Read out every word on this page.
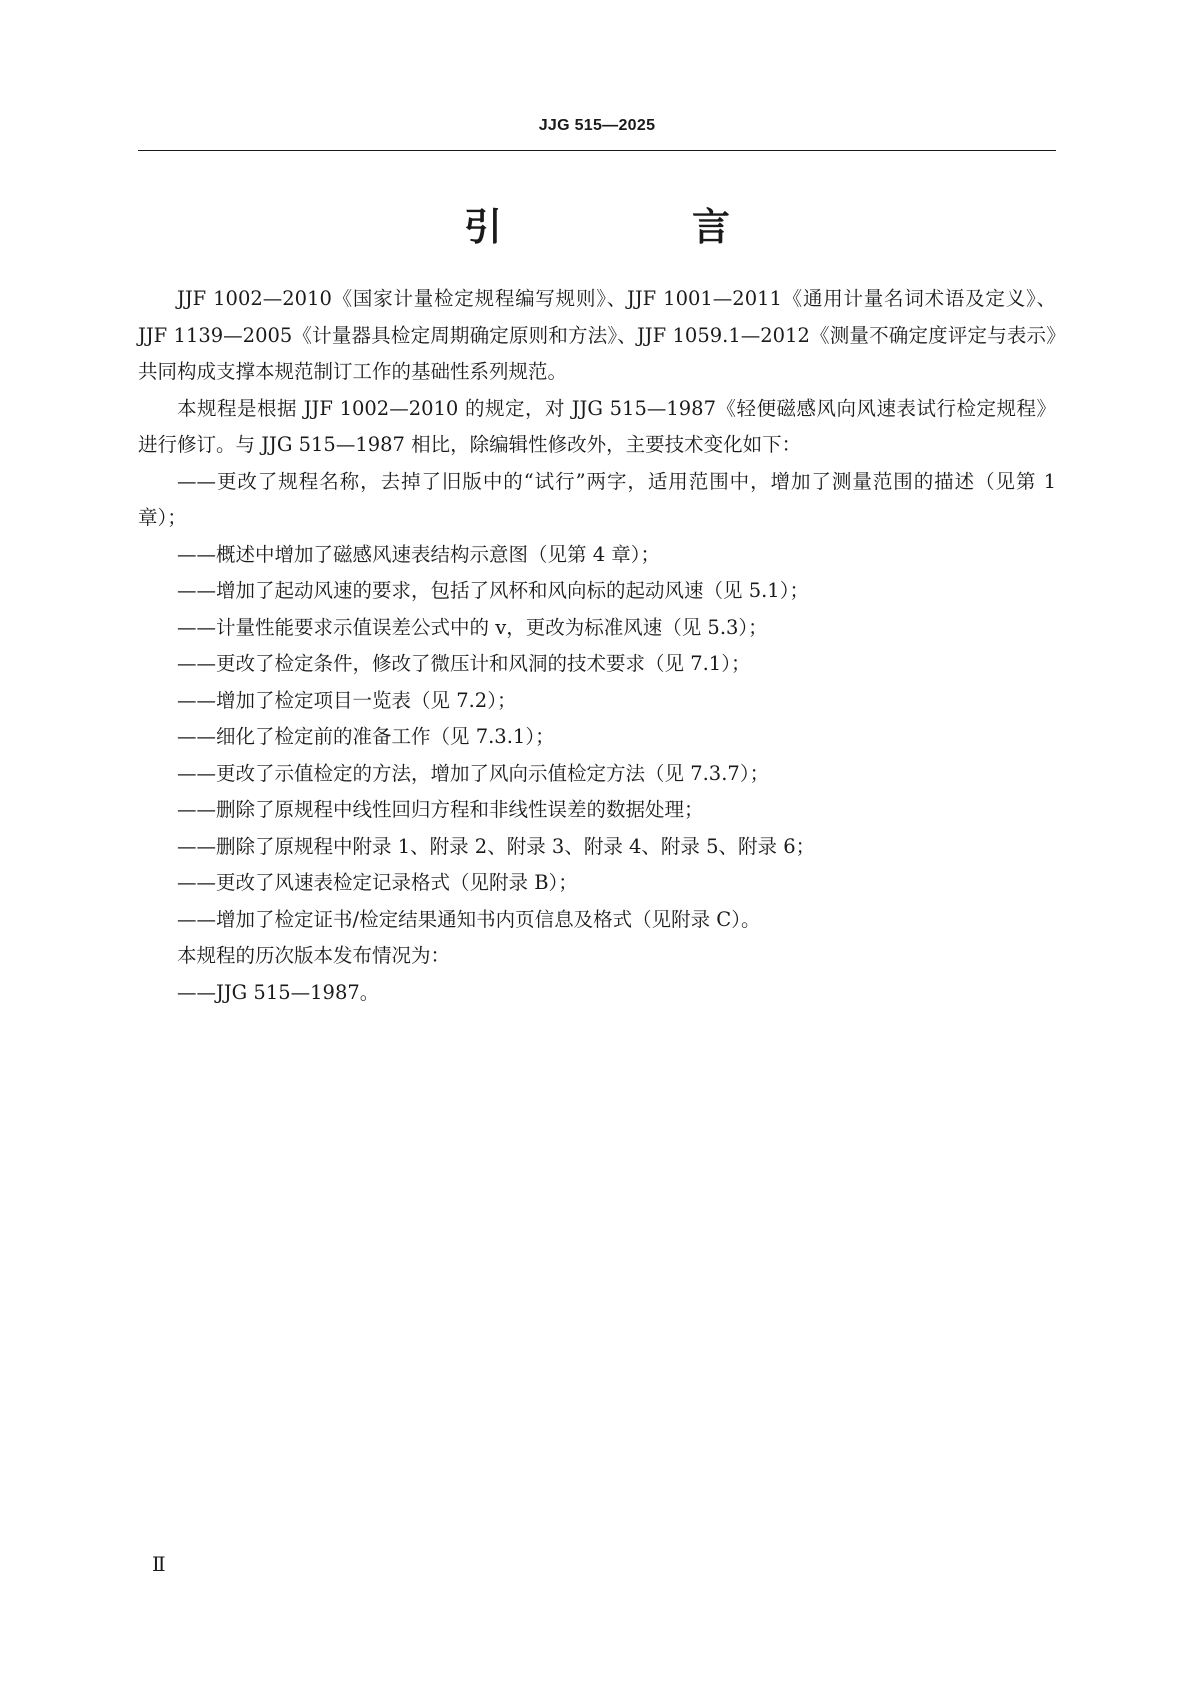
JJG 515—2025
引　言

JJF 1002—2010《国家计量检定规程编写规则》、JJF 1001—2011《通用计量名词术语及定义》、JJF 1139—2005《计量器具检定周期确定原则和方法》、JJF 1059.1—2012《测量不确定度评定与表示》共同构成支撑本规范制订工作的基础性系列规范。

本规程是根据 JJF 1002—2010 的规定，对 JJG 515—1987《轻便磁感风向风速表试行检定规程》进行修订。与 JJG 515—1987 相比，除编辑性修改外，主要技术变化如下：

——更改了规程名称，去掉了旧版中的“试行”两字，适用范围中，增加了测量范围的描述（见第 1 章）；

——概述中增加了磁感风速表结构示意图（见第 4 章）；

——增加了起动风速的要求，包括了风杯和风向标的起动风速（见 5.1）；

——计量性能要求示值误差公式中的 v，更改为标准风速（见 5.3）；

——更改了检定条件，修改了微压计和风洞的技术要求（见 7.1）；

——增加了检定项目一览表（见 7.2）；

——细化了检定前的准备工作（见 7.3.1）；

——更改了示值检定的方法，增加了风向示值检定方法（见 7.3.7）；

——删除了原规程中线性回归方程和非线性误差的数据处理；

——删除了原规程中附录 1、附录 2、附录 3、附录 4、附录 5、附录 6；

——更改了风速表检定记录格式（见附录 B）；

——增加了检定证书/检定结果通知书内页信息及格式（见附录 C）。

本规程的历次版本发布情况为：

——JJG 515—1987。

Ⅱ
